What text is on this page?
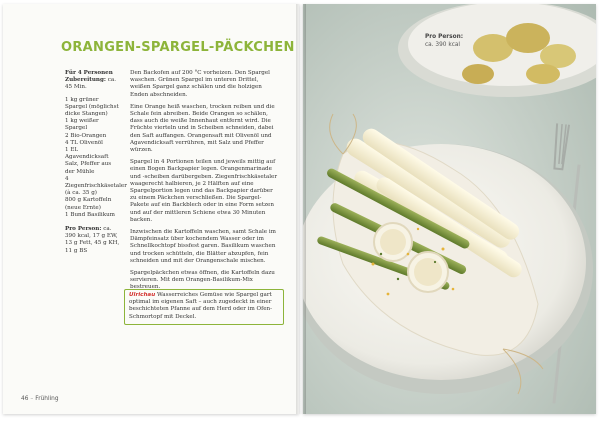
ORANGEN-SPARGEL-PÄCKCHEN

Für 4 Personen
Zubereitung: ca. 45 Min.

1 kg grüner Spargel (möglichst dicke Stangen)
1 kg weißer Spargel
2 Bio-Orangen
4 TL Olivenöl
1 EL Agavendicksaft
Salz, Pfeffer aus der Mühle
4 Ziegenfrischkäsetaler (à ca. 35 g)
800 g Kartoffeln (neue Ernte)
1 Bund Basilikum

Pro Person: ca. 390 kcal, 17 g EW, 13 g Fett, 45 g KH, 11 g BS

Den Backofen auf 200 °C vorheizen. Den Spargel waschen. Grünen Spargel im unteren Drittel, weißen Spargel ganz schälen und die holzigen Enden abschneiden.

Eine Orange heiß waschen, trocken reiben und die Schale fein abreiben. Beide Orangen so schälen, dass auch die weiße Innenhaut entfernt wird. Die Früchte vierteln und in Scheiben schneiden, dabei den Saft auffangen. Orangensaft mit Olivenöl und Agavendicksaft verrühren, mit Salz und Pfeffer würzen.

Spargel in 4 Portionen teilen und jeweils mittig auf einen Bogen Backpapier legen. Orangenmarinade und -scheiben darübergeben. Ziegenfrischkäsetaler waagerecht halbieren, je 2 Hälften auf eine Spargelportion legen und das Backpapier darüber zu einem Päckchen verschließen. Die Spargel-Pakete auf ein Backblech oder in eine Form setzen und auf der mittleren Schiene etwa 30 Minuten backen.

Inzwischen die Kartoffeln waschen, samt Schale im Dämpfeinsatz über kochendem Wasser oder im Schnellkochtopf bissfest garen. Basilikum waschen und trocken schütteln, die Blätter abzupfen, fein schneiden und mit der Orangenschale mischen.

Spargelpäckchen etwas öffnen, die Kartoffeln dazu servieren. Mit dem Orangen-Basilikum-Mix bestreuen.

Ulrichau Wasserreiches Gemüse wie Spargel gart optimal im eigenen Saft – auch zugedeckt in einer beschichteten Pfanne auf dem Herd oder im Ofen-Schmortopf mit Deckel.
46 – Frühling
Pro Person:
ca. 390 kcal
